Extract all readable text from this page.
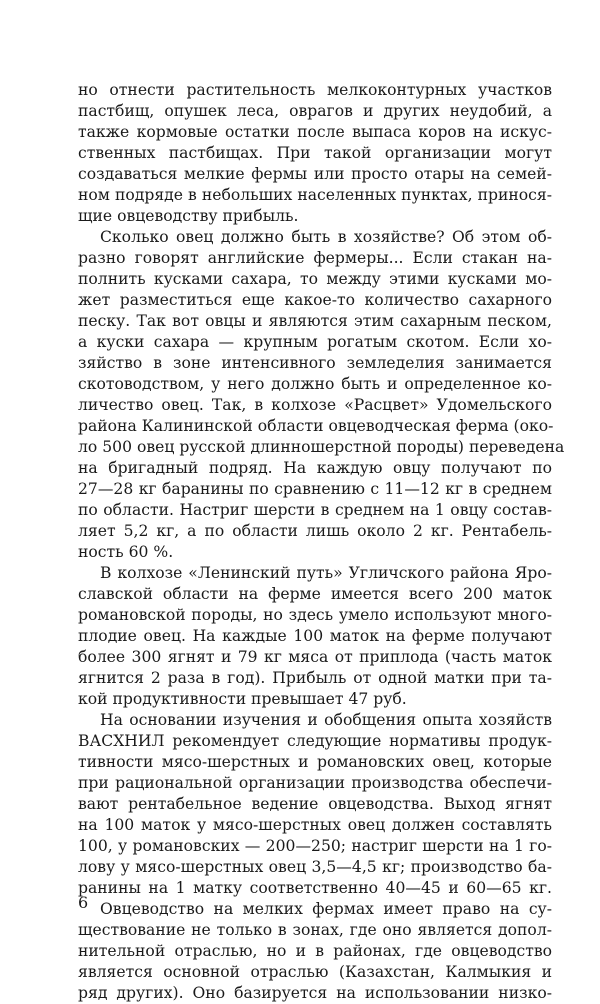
но отнести растительность мелкоконтурных участков
пастбищ, опушек леса, оврагов и других неудобий, а
также кормовые остатки после выпаса коров на искус-
ственных пастбищах. При такой организации могут
создаваться мелкие фермы или просто отары на семей-
ном подряде в небольших населенных пунктах, принося-
щие овцеводству прибыль.
Сколько овец должно быть в хозяйстве? Об этом об-
разно говорят английские фермеры... Если стакан на-
полнить кусками сахара, то между этими кусками мо-
жет разместиться еще какое-то количество сахарного
песку. Так вот овцы и являются этим сахарным песком,
а куски сахара — крупным рогатым скотом. Если хо-
зяйство в зоне интенсивного земледелия занимается
скотоводством, у него должно быть и определенное ко-
личество овец. Так, в колхозе «Расцвет» Удомельского
района Калининской области овцеводческая ферма (око-
ло 500 овец русской длинношерстной породы) переведена
на бригадный подряд. На каждую овцу получают по
27—28 кг баранины по сравнению с 11—12 кг в среднем
по области. Настриг шерсти в среднем на 1 овцу состав-
ляет 5,2 кг, а по области лишь около 2 кг. Рентабель-
ность 60 %.
В колхозе «Ленинский путь» Угличского района Яро-
славской области на ферме имеется всего 200 маток
романовской породы, но здесь умело используют много-
плодие овец. На каждые 100 маток на ферме получают
более 300 ягнят и 79 кг мяса от приплода (часть маток
ягнится 2 раза в год). Прибыль от одной матки при та-
кой продуктивности превышает 47 руб.
На основании изучения и обобщения опыта хозяйств
ВАСХНИЛ рекомендует следующие нормативы продук-
тивности мясо-шерстных и романовских овец, которые
при рациональной организации производства обеспечи-
вают рентабельное ведение овцеводства. Выход ягнят
на 100 маток у мясо-шерстных овец должен составлять
100, у романовских — 200—250; настриг шерсти на 1 го-
лову у мясо-шерстных овец 3,5—4,5 кг; производство ба-
ранины на 1 матку соответственно 40—45 и 60—65 кг.
Овцеводство на мелких фермах имеет право на су-
ществование не только в зонах, где оно является допол-
нительной отраслью, но и в районах, где овцеводство
является основной отраслью (Казахстан, Калмыкия и
ряд других). Оно базируется на использовании низко-
6
